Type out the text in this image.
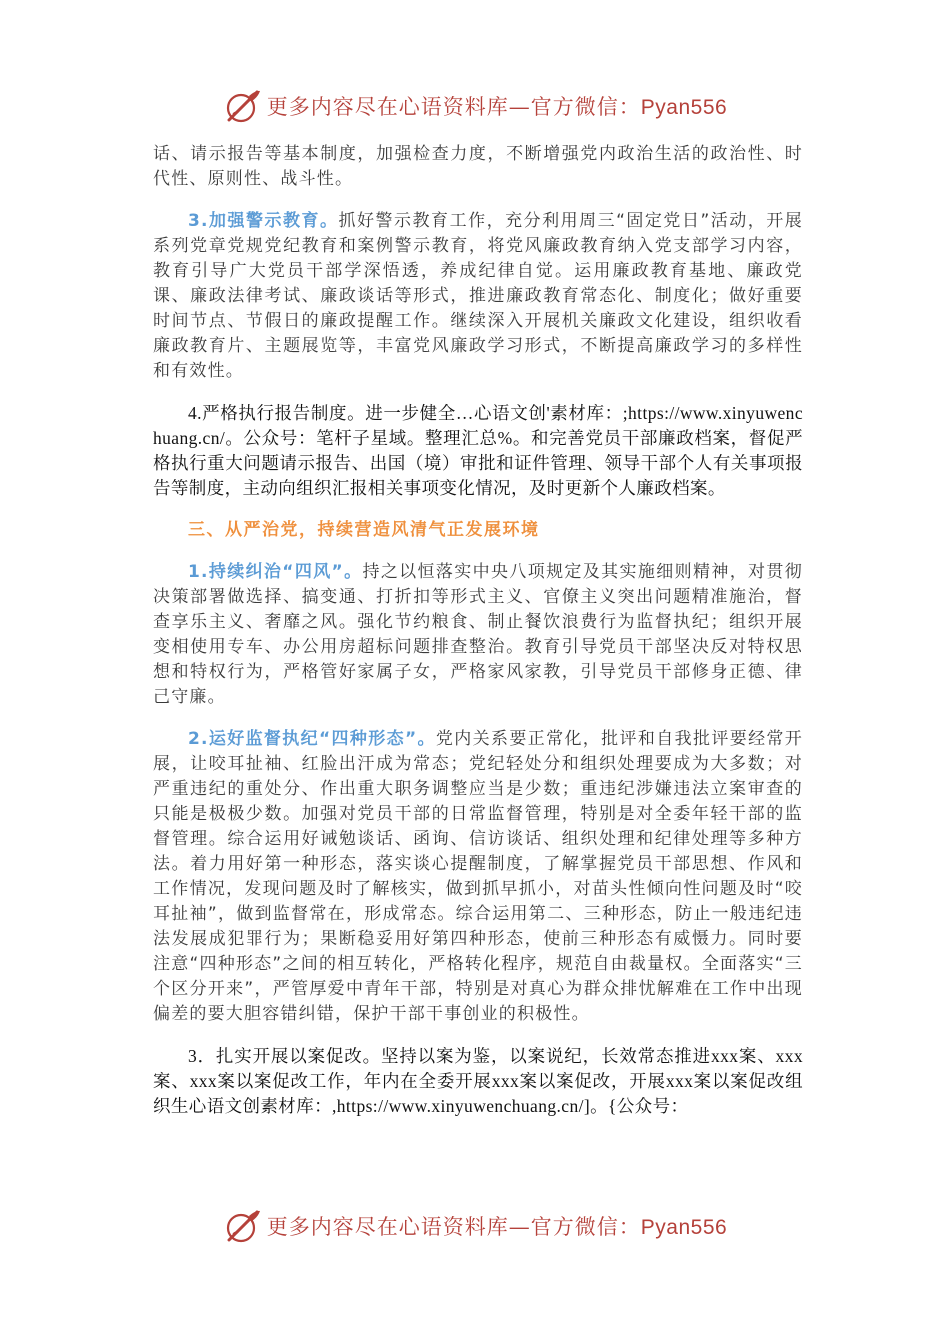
更多内容尽在心语资料库—官方微信：Pyan556

话、请示报告等基本制度，加强检查力度，不断增强党内政治生活的政治性、时代性、原则性、战斗性。

3.加强警示教育。抓好警示教育工作，充分利用周三“固定党日”活动，开展系列党章党规党纪教育和案例警示教育，将党风廉政教育纳入党支部学习内容，教育引导广大党员干部学深悟透，养成纪律自觉。运用廉政教育基地、廉政党课、廉政法律考试、廉政谈话等形式，推进廉政教育常态化、制度化；做好重要时间节点、节假日的廉政提醒工作。继续深入开展机关廉政文化建设，组织收看廉政教育片、主题展览等，丰富党风廉政学习形式，不断提高廉政学习的多样性和有效性。

4.严格执行报告制度。进一步健全…心语文创'素材库：;https://www.xinyuwenchuang.cn/。公众号：笔杆子星域。整理汇总%。和完善党员干部廉政档案，督促严格执行重大问题请示报告、出国（境）审批和证件管理、领导干部个人有关事项报告等制度，主动向组织汇报相关事项变化情况，及时更新个人廉政档案。

三、从严治党，持续营造风清气正发展环境

1.持续纠治“四风”。持之以恒落实中央八项规定及其实施细则精神，对贯彻决策部署做选择、搞变通、打折扣等形式主义、官僚主义突出问题精准施治，督查享乐主义、奢靡之风。强化节约粮食、制止餐饮浪费行为监督执纪；组织开展变相使用专车、办公用房超标问题排查整治。教育引导党员干部坚决反对特权思想和特权行为，严格管好家属子女，严格家风家教，引导党员干部修身正德、律己守廉。

2.运好监督执纪“四种形态”。党内关系要正常化，批评和自我批评要经常开展，让咬耳扯袖、红脸出汗成为常态；党纪轻处分和组织处理要成为大多数；对严重违纪的重处分、作出重大职务调整应当是少数；重违纪涉嫌违法立案审查的只能是极极少数。加强对党员干部的日常监督管理，特别是对全委年轻干部的监督管理。综合运用好诫勉谈话、函询、信访谈话、组织处理和纪律处理等多种方法。着力用好第一种形态，落实谈心提醒制度，了解掌握党员干部思想、作风和工作情况，发现问题及时了解核实，做到抓早抓小，对苗头性倾向性问题及时“咬耳扯袖”，做到监督常在，形成常态。综合运用第二、三种形态，防止一般违纪违法发展成犯罪行为；果断稳妥用好第四种形态，使前三种形态有威慑力。同时要注意“四种形态”之间的相互转化，严格转化程序，规范自由裁量权。全面落实“三个区分开来”，严管厚爱中青年干部，特别是对真心为群众排忧解难在工作中出现偏差的要大胆容错纠错，保护干部干事创业的积极性。

3．扎实开展以案促改。坚持以案为鉴，以案说纪，长效常态推进xxx案、xxx案、xxx案以案促改工作，年内在全委开展xxx案以案促改，开展xxx案以案促改组织生心语文创素材库：,https://www.xinyuwenchuang.cn/]。{公众号：

更多内容尽在心语资料库—官方微信：Pyan556
